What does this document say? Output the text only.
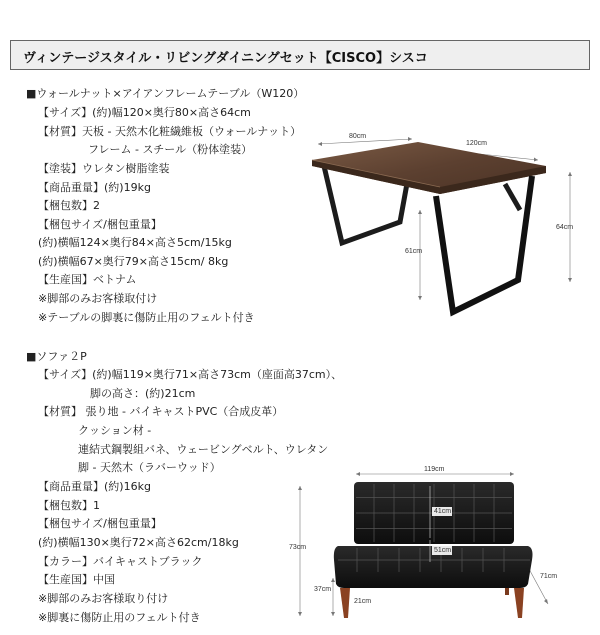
ヴィンテージスタイル・リビングダイニングセット【CISCO】シスコ
■ウォールナット×アイアンフレームテーブル（W120）
【サイズ】(約)幅120×奥行80×高さ64cm
【材質】天板 - 天然木化粧繊維板（ウォールナット）
フレーム - スチール（粉体塗装）
【塗装】ウレタン樹脂塗装
【商品重量】(約)19kg
【梱包数】2
【梱包サイズ/梱包重量】
(約)横幅124×奥行84×高さ5cm/15kg
(約)横幅67×奥行79×高さ15cm/ 8kg
【生産国】ベトナム
※脚部のみお客様取付け
※テーブルの脚裏に傷防止用のフェルト付き
80cm
120cm
64cm
61cm
■ソファ２P
【サイズ】(約)幅119×奥行71×高さ73cm（座面高37cm）、
脚の高さ：(約)21cm
【材質】 張り地 - バイキャストPVC（合成皮革）
クッション材 -
連結式鋼製組バネ、ウェービングベルト、ウレタン
脚 - 天然木（ラバーウッド）
【商品重量】(約)16kg
【梱包数】1
【梱包サイズ/梱包重量】
(約)横幅130×奥行72×高さ62cm/18kg
【カラー】バイキャストブラック
【生産国】中国
※脚部のみお客様取り付け
※脚裏に傷防止用のフェルト付き
119cm
73cm
41cm
51cm
37cm
21cm
71cm
